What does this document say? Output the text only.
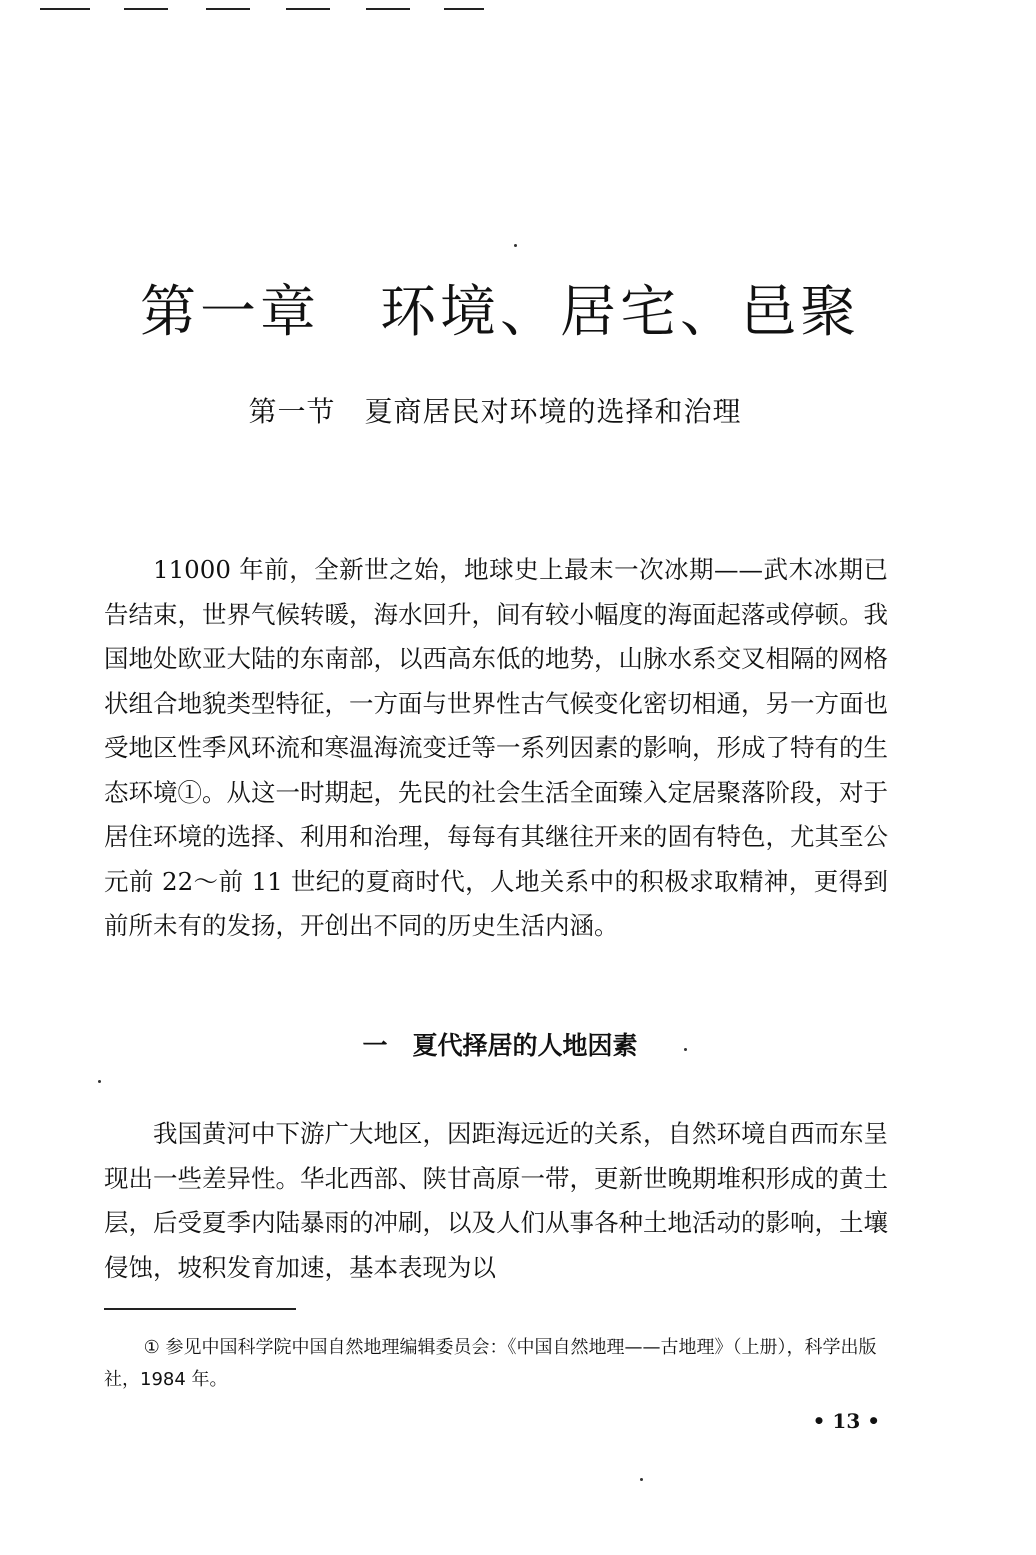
第一章　环境、居宅、邑聚
第一节　夏商居民对环境的选择和治理

11000 年前，全新世之始，地球史上最末一次冰期——武木冰期已告结束，世界气候转暖，海水回升，间有较小幅度的海面起落或停顿。我国地处欧亚大陆的东南部，以西高东低的地势，山脉水系交叉相隔的网格状组合地貌类型特征，一方面与世界性古气候变化密切相通，另一方面也受地区性季风环流和寒温海流变迁等一系列因素的影响，形成了特有的生态环境①。从这一时期起，先民的社会生活全面臻入定居聚落阶段，对于居住环境的选择、利用和治理，每每有其继往开来的固有特色，尤其至公元前 22～前 11 世纪的夏商时代，人地关系中的积极求取精神，更得到前所未有的发扬，开创出不同的历史生活内涵。

一　夏代择居的人地因素

我国黄河中下游广大地区，因距海远近的关系，自然环境自西而东呈现出一些差异性。华北西部、陕甘高原一带，更新世晚期堆积形成的黄土层，后受夏季内陆暴雨的冲刷，以及人们从事各种土地活动的影响，土壤侵蚀，坡积发育加速，基本表现为以

① 参见中国科学院中国自然地理编辑委员会：《中国自然地理——古地理》（上册），科学出版社，1984 年。

• 13 •
